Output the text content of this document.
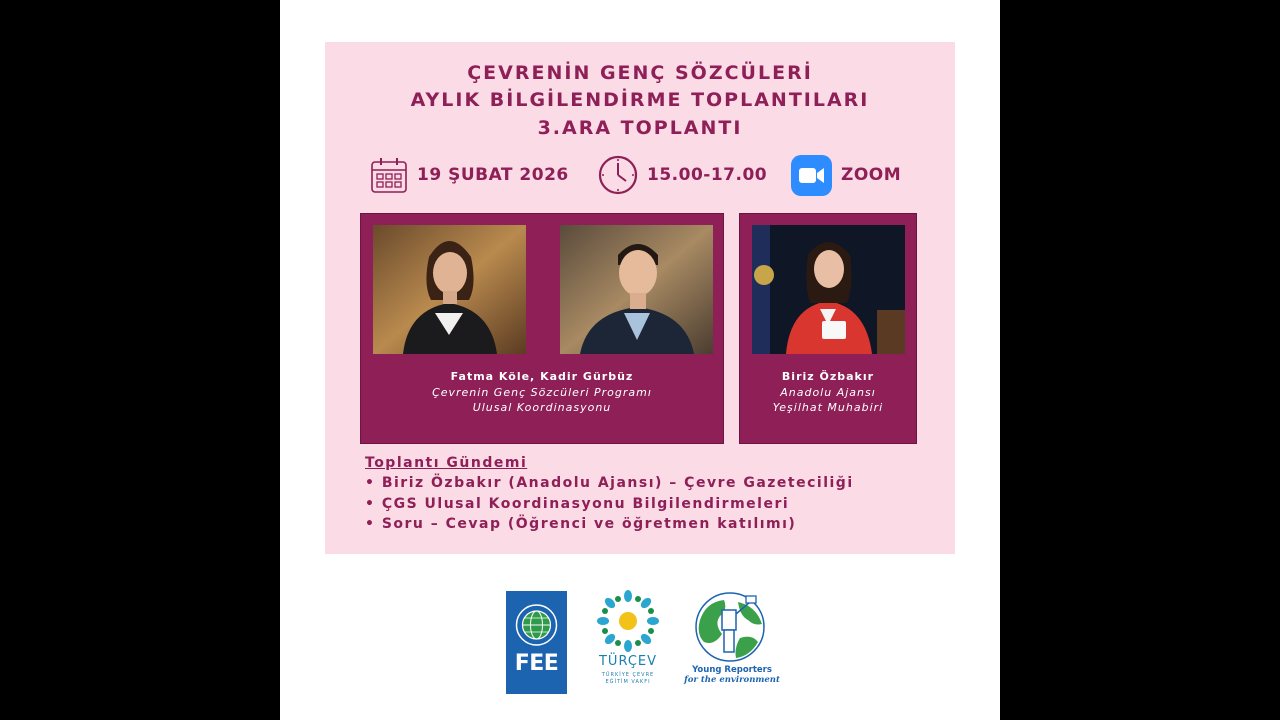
ÇEVRENİN GENÇ SÖZCÜLERİ
AYLIK BİLGİLENDİRME TOPLANTILARI
3.ARA TOPLANTI
19 ŞUBAT 2026	15.00-17.00	ZOOM
Fatma Köle, Kadir Gürbüz
Çevrenin Genç Sözcüleri Programı
Ulusal Koordinasyonu
Biriz Özbakır
Anadolu Ajansı
Yeşilhat Muhabiri
Toplantı Gündemi
• Biriz Özbakır (Anadolu Ajansı) – Çevre Gazeteciliği
• ÇGS Ulusal Koordinasyonu Bilgilendirmeleri
• Soru – Cevap (Öğrenci ve öğretmen katılımı)
FEE	TÜRÇEV
TÜRKİYE ÇEVRE
EĞİTİM VAKFI
Young Reporters
for the environment
